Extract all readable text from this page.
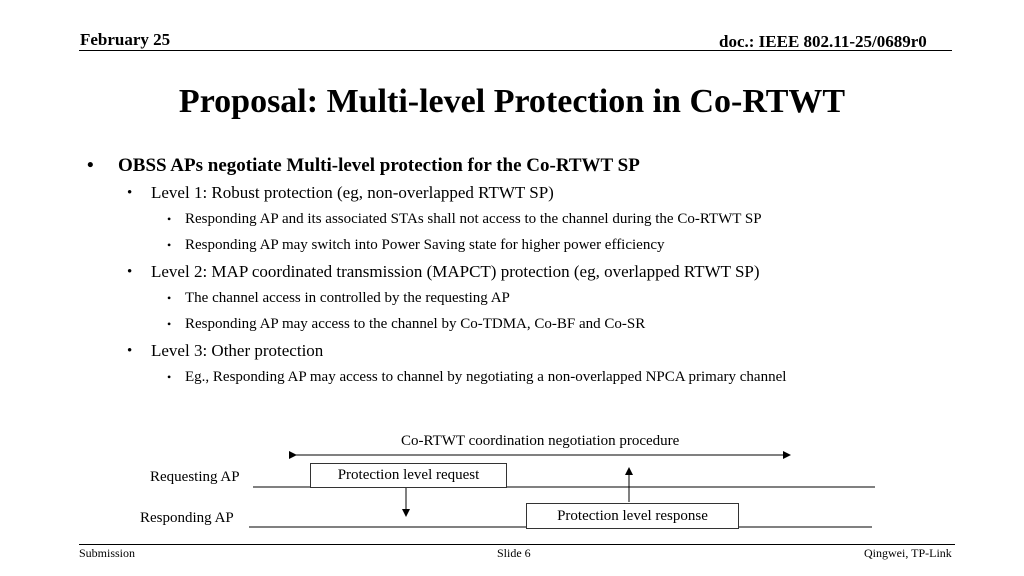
February 25	doc.: IEEE 802.11-25/0689r0
Proposal: Multi-level Protection in Co-RTWT
• OBSS APs negotiate Multi-level protection for the Co-RTWT SP
• Level 1: Robust protection (eg, non-overlapped RTWT SP)
• Responding AP and its associated STAs shall not access to the channel during the Co-RTWT SP
• Responding AP may switch into Power Saving state for higher power efficiency
• Level 2: MAP coordinated transmission (MAPCT) protection (eg, overlapped RTWT SP)
• The channel access in controlled by the requesting AP
• Responding AP may access to the channel by Co-TDMA, Co-BF and Co-SR
• Level 3: Other protection
• Eg., Responding AP may access to channel by negotiating a non-overlapped NPCA primary channel
Co-RTWT coordination negotiation procedure
Requesting AP
Responding AP
Protection level request
Protection level response
Submission	Slide 6	Qingwei, TP-Link
